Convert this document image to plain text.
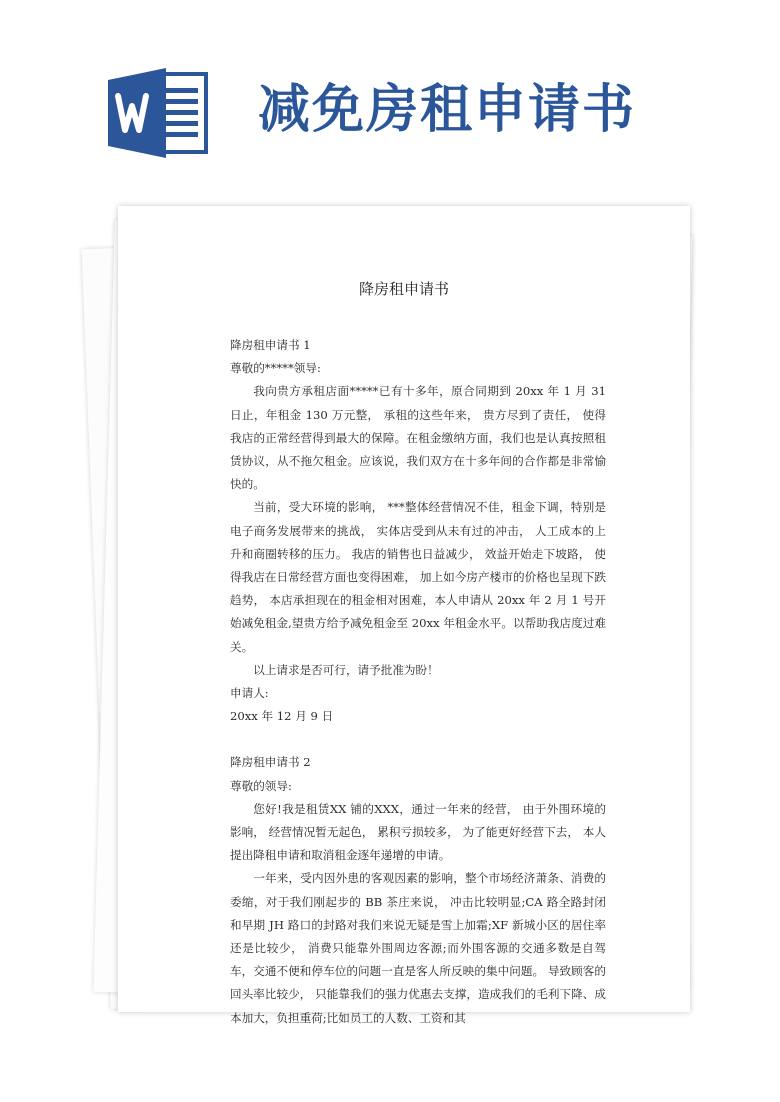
减免房租申请书
降房租申请书

降房租申请书 1

尊敬的*****领导:

我向贵方承租店面*****已有十多年，原合同期到 20xx 年 1 月 31 日止，年租金 130 万元整， 承租的这些年来， 贵方尽到了责任， 使得我店的正常经营得到最大的保障。在租金缴纳方面，我们也是认真按照租赁协议，从不拖欠租金。应该说，我们双方在十多年间的合作都是非常愉快的。

当前，受大环境的影响， ***整体经营情况不佳，租金下调，特别是电子商务发展带来的挑战， 实体店受到从未有过的冲击， 人工成本的上升和商圈转移的压力。 我店的销售也日益减少， 效益开始走下坡路， 使得我店在日常经营方面也变得困难， 加上如今房产楼市的价格也呈现下跌趋势， 本店承担现在的租金相对困难，本人申请从 20xx 年 2 月 1 号开始减免租金,望贵方给予减免租金至 20xx 年租金水平。以帮助我店度过难关。

以上请求是否可行，请予批准为盼！

申请人:

20xx 年 12 月 9 日

降房租申请书 2

尊敬的领导:

您好!我是租赁XX 铺的XXX，通过一年来的经营， 由于外围环境的影响， 经营情况暂无起色， 累积亏损较多， 为了能更好经营下去， 本人提出降租申请和取消租金逐年递增的申请。

一年来，受内因外患的客观因素的影响，整个市场经济萧条、消费的委缩，对于我们刚起步的 BB 茶庄来说， 冲击比较明显;CA 路全路封闭和早期 JH 路口的封路对我们来说无疑是雪上加霜;XF 新城小区的居住率还是比较少， 消费只能靠外围周边客源;而外围客源的交通多数是自驾车，交通不便和停车位的问题一直是客人所反映的集中问题。 导致顾客的回头率比较少， 只能靠我们的强力优惠去支撑，造成我们的毛利下降、成本加大，负担重荷;比如员工的人数、工资和其
